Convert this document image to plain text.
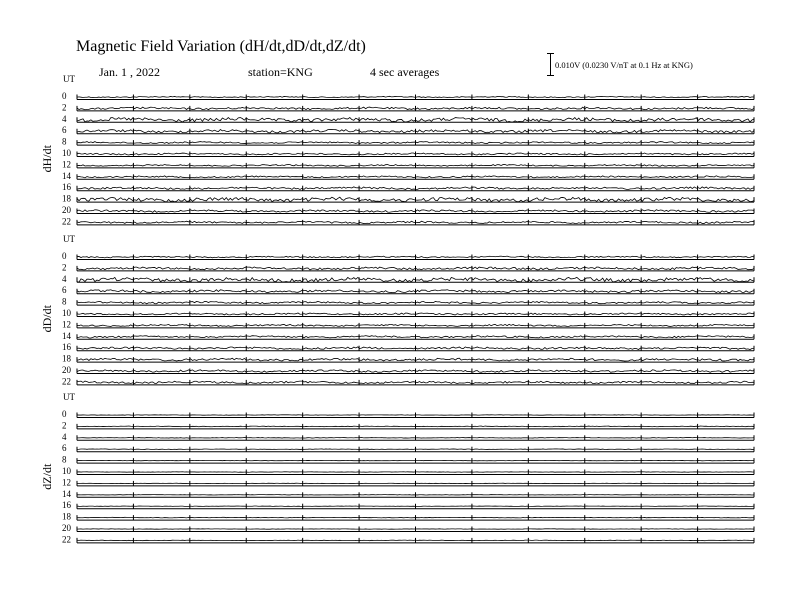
Magnetic Field Variation (dH/dt,dD/dt,dZ/dt)
Jan. 1 , 2022	station=KNG	4 sec averages	0.010V (0.0230 V/nT at 0.1 Hz at KNG)
UT
dH/dt
0
2
4
6
8
10
12
14
16
18
20
22
UT
dD/dt
0
2
4
6
8
10
12
14
16
18
20
22
UT
dZ/dt
0
2
4
6
8
10
12
14
16
18
20
22
